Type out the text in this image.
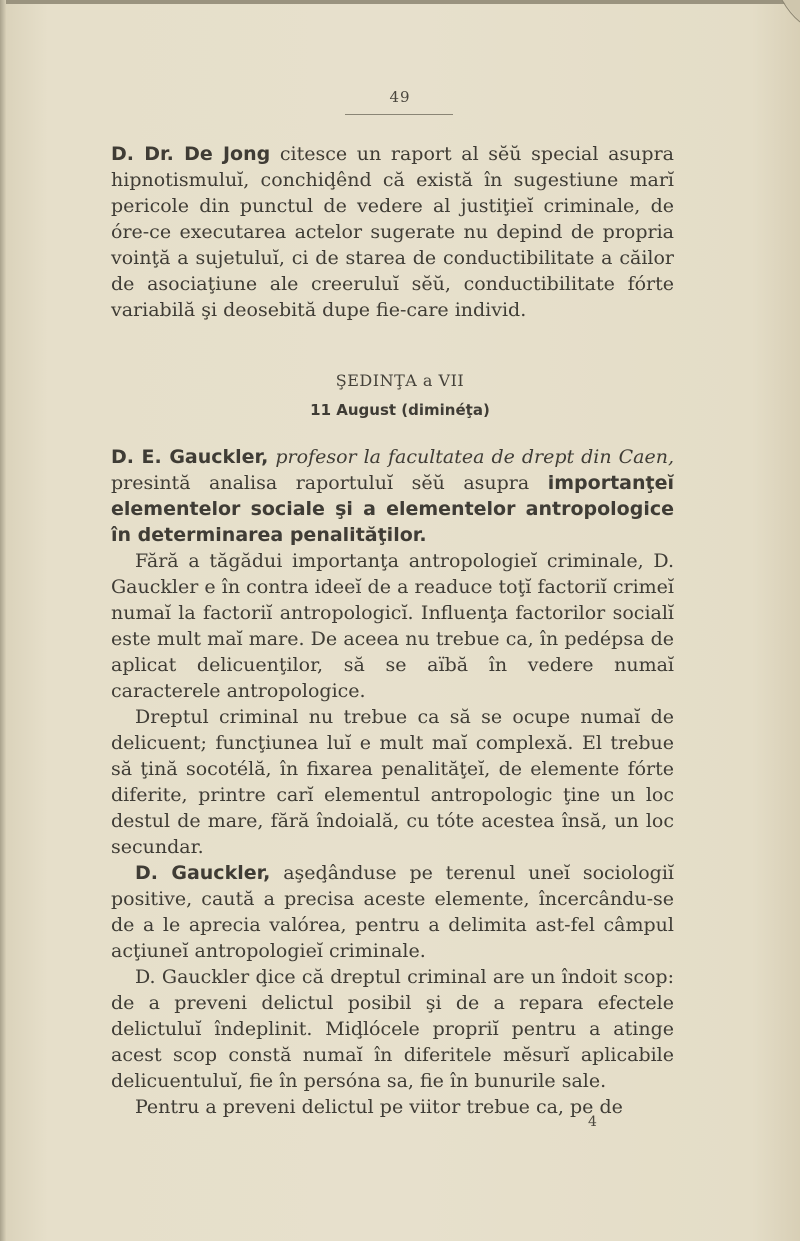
49

D. Dr. De Jong citesce un raport al sĕŭ special asupra hipnotismuluĭ, conchiḑênd că există în sugestiune marĭ pericole din punctul de vedere al justiţieĭ criminale, de óre-ce executarea actelor sugerate nu depind de propria voinţă a sujetuluĭ, ci de starea de conductibilitate a căilor de asociaţiune ale creeruluĭ sĕŭ, conductibilitate fórte variabilă şi deosebită dupe fie-care individ.

ŞEDINŢA a VII
11 August (diminéţa)

D. E. Gauckler, profesor la facultatea de drept din Caen, presintă analisa raportuluĭ sĕŭ asupra importanţeĭ elementelor sociale şi a elementelor antropologice în determinarea penalităţilor.

Fără a tăgădui importanţa antropologieĭ criminale, D. Gauckler e în contra ideeĭ de a readuce toţĭ factoriĭ crimeĭ numaĭ la factoriĭ antropologicĭ. Influenţa factorilor socialĭ este mult maĭ mare. De aceea nu trebue ca, în pedépsa de aplicat delicuenţilor, să se aïbă în vedere numaĭ caracterele antropologice.

Dreptul criminal nu trebue ca să se ocupe numaĭ de delicuent; funcţiunea luĭ e mult maĭ complexă. El trebue să ţină socotélă, în fixarea penalităţeĭ, de elemente fórte diferite, printre carĭ elementul antropologic ţine un loc destul de mare, fără îndoială, cu tóte acestea însă, un loc secundar.

D. Gauckler, aşeḑânduse pe terenul uneĭ sociologiĭ positive, caută a precisa aceste elemente, încercându-se de a le aprecia valórea, pentru a delimita ast-fel câmpul acţiuneĭ antropologieĭ criminale.

D. Gauckler ḑice că dreptul criminal are un îndoit scop: de a preveni delictul posibil şi de a repara efectele delictuluĭ îndeplinit. Miḑlócele propriĭ pentru a atinge acest scop constă numaĭ în diferitele mĕsurĭ aplicabile delicuentuluĭ, fie în persóna sa, fie în bunurile sale.

Pentru a preveni delictul pe viitor trebue ca, pe de

4
